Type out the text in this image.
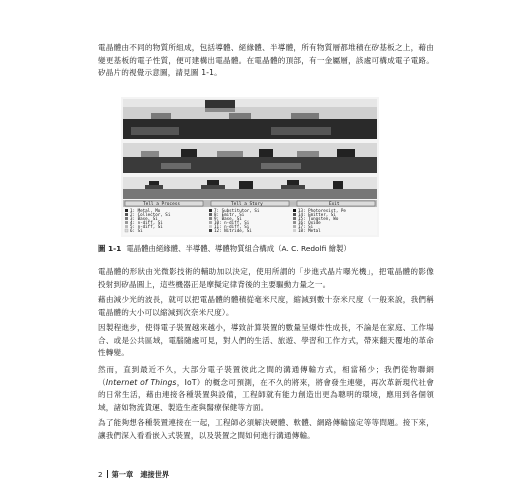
電晶體由不同的物質所組成，包括導體、絕緣體、半導體，所有物質層都堆積在矽基板之上，藉由變更基板的電子性質，便可建構出電晶體。在電晶體的頂部，有一金屬層，該處可構成電子電路。矽晶片的視覺示意圖，請見圖 1-1。

Tell a Process	Tell a Story	Exit
1: Metal, Mo
2: Collector, Si
3: Base, Si
4: n-diff, Si
5: n-diff, Si
6: Si
7: Substitutor, Si
8: Emitr, Si
9: Base, Si
10: n-diff, Si
11: n-diff, Si
12: Nitride, Si
13: Photoresist, Pe
14: Emitter, Si
15: Tungsten, Wo
16: Oxide
17: Si
18: Metal

圖 1-1 電晶體由絕緣體、半導體、導體物質組合構成（A. C. Redolfi 繪製）

電晶體的形狀由光微影技術的輔助加以決定，使用所謂的「步進式晶片曝光機」，把電晶體的影像投射到矽晶圓上，這些機器正是摩擬定律背後的主要驅動力量之一。

藉由減少光的波長，就可以把電晶體的體積從毫米尺度，縮減到數十奈米尺度（一般來說，我們稱電晶體的大小可以縮減到次奈米尺度）。

因製程進步，使得電子裝置越來越小，導致計算裝置的數量呈爆炸性成長，不論是在家庭、工作場合、或是公共區域，電腦隨處可見，對人們的生活、旅遊、學習和工作方式，帶來翻天覆地的革命性轉變。

然而，直到最近不久，大部分電子裝置彼此之間的溝通傳輸方式，相當稀少；我們從物聯網（Internet of Things，IoT）的概念可預測，在不久的將來，將會發生連變，再次革新現代社會的日常生活，藉由連接各種裝置與設備，工程師就有能力創造出更為聰明的環境，應用到各個領域，諸如物流貨運、製造生產與醫療保健等方面。

為了能夠想各種裝置連接在一起，工程師必須解決硬體、軟體、網路傳輸協定等等問題。接下來，讓我們深入看看嵌入式裝置，以及裝置之間如何進行溝通傳輸。

2 第一章　連接世界
